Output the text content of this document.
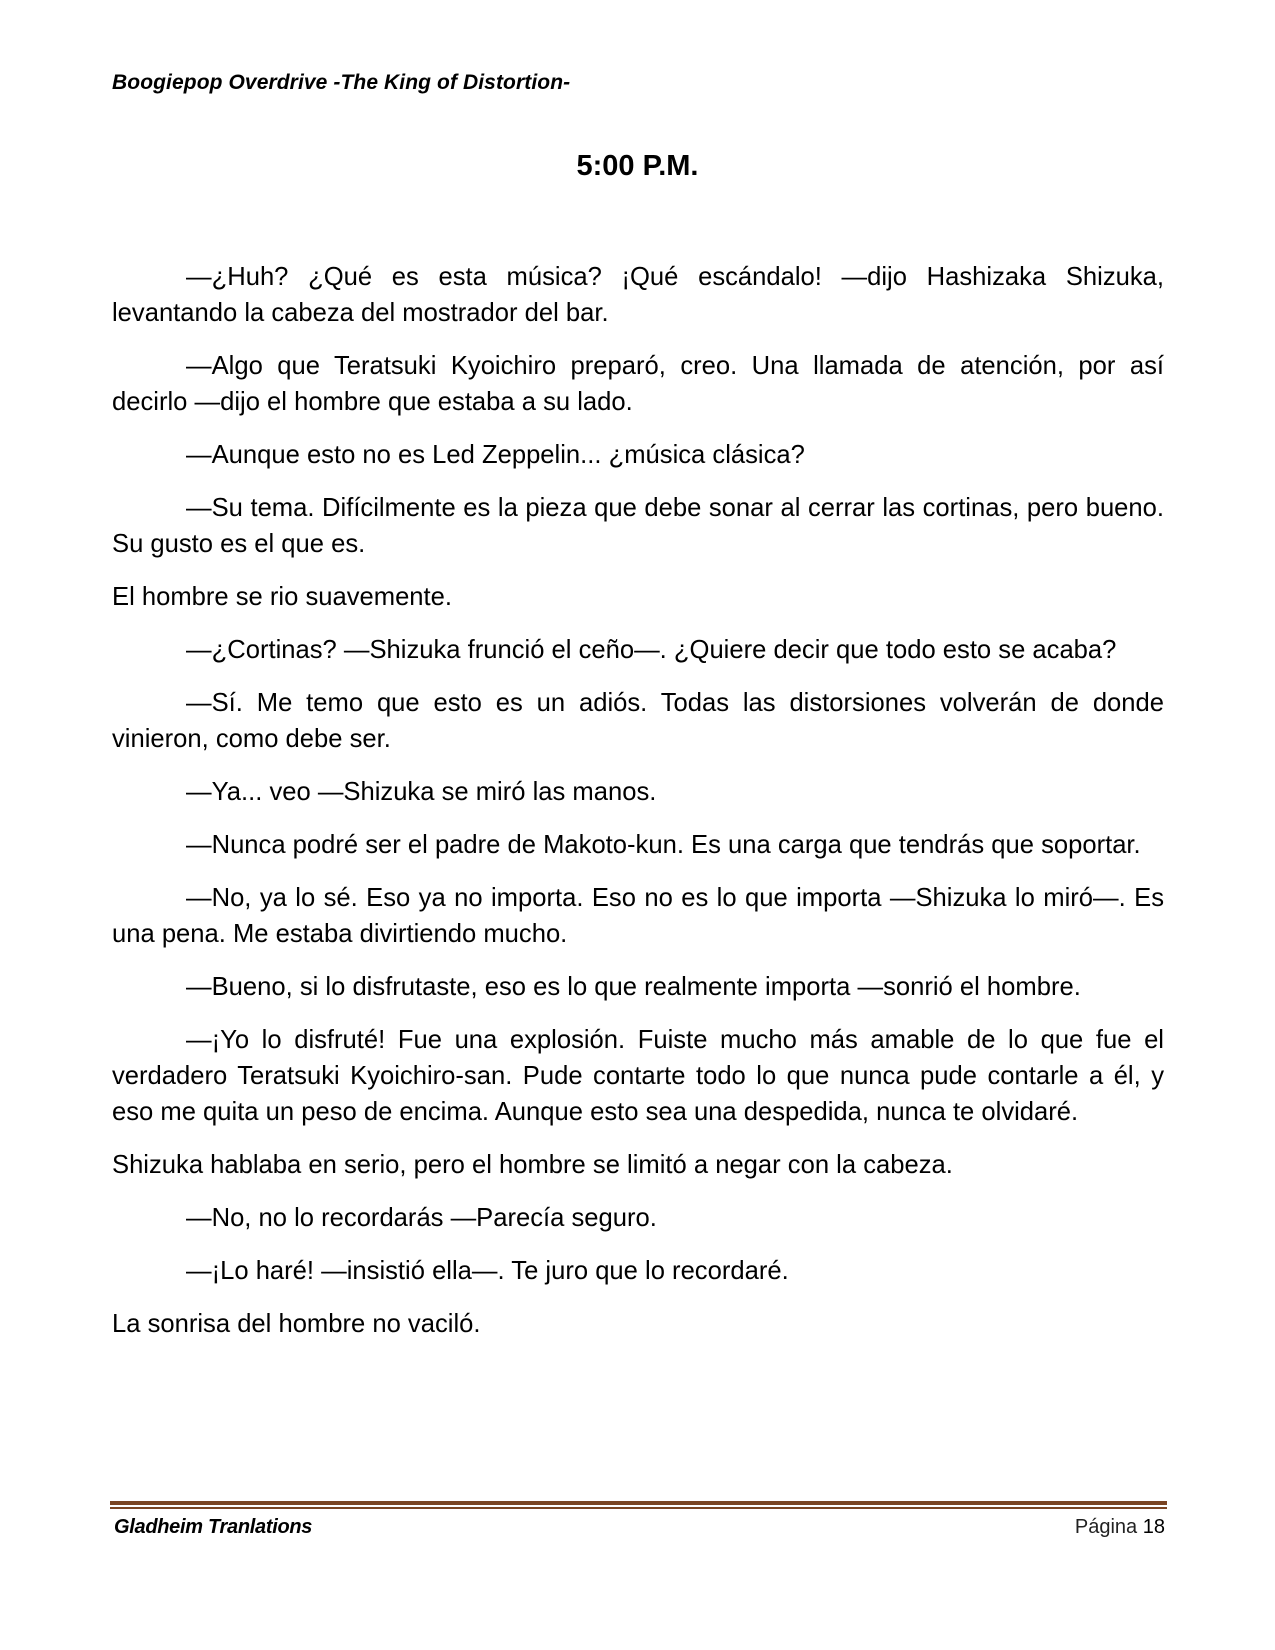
Boogiepop Overdrive -The King of Distortion-
5:00 P.M.

—¿Huh? ¿Qué es esta música? ¡Qué escándalo! —dijo Hashizaka Shizuka, levantando la cabeza del mostrador del bar.

—Algo que Teratsuki Kyoichiro preparó, creo. Una llamada de atención, por así decirlo —dijo el hombre que estaba a su lado.

—Aunque esto no es Led Zeppelin... ¿música clásica?

—Su tema. Difícilmente es la pieza que debe sonar al cerrar las cortinas, pero bueno. Su gusto es el que es.

El hombre se rio suavemente.

—¿Cortinas? —Shizuka frunció el ceño—. ¿Quiere decir que todo esto se acaba?

—Sí. Me temo que esto es un adiós. Todas las distorsiones volverán de donde vinieron, como debe ser.

—Ya... veo —Shizuka se miró las manos.

—Nunca podré ser el padre de Makoto-kun. Es una carga que tendrás que soportar.

—No, ya lo sé. Eso ya no importa. Eso no es lo que importa —Shizuka lo miró—. Es una pena. Me estaba divirtiendo mucho.

—Bueno, si lo disfrutaste, eso es lo que realmente importa —sonrió el hombre.

—¡Yo lo disfruté! Fue una explosión. Fuiste mucho más amable de lo que fue el verdadero Teratsuki Kyoichiro-san. Pude contarte todo lo que nunca pude contarle a él, y eso me quita un peso de encima. Aunque esto sea una despedida, nunca te olvidaré.

Shizuka hablaba en serio, pero el hombre se limitó a negar con la cabeza.

—No, no lo recordarás —Parecía seguro.

—¡Lo haré! —insistió ella—. Te juro que lo recordaré.

La sonrisa del hombre no vaciló.

Gladheim Tranlations	Página 18
